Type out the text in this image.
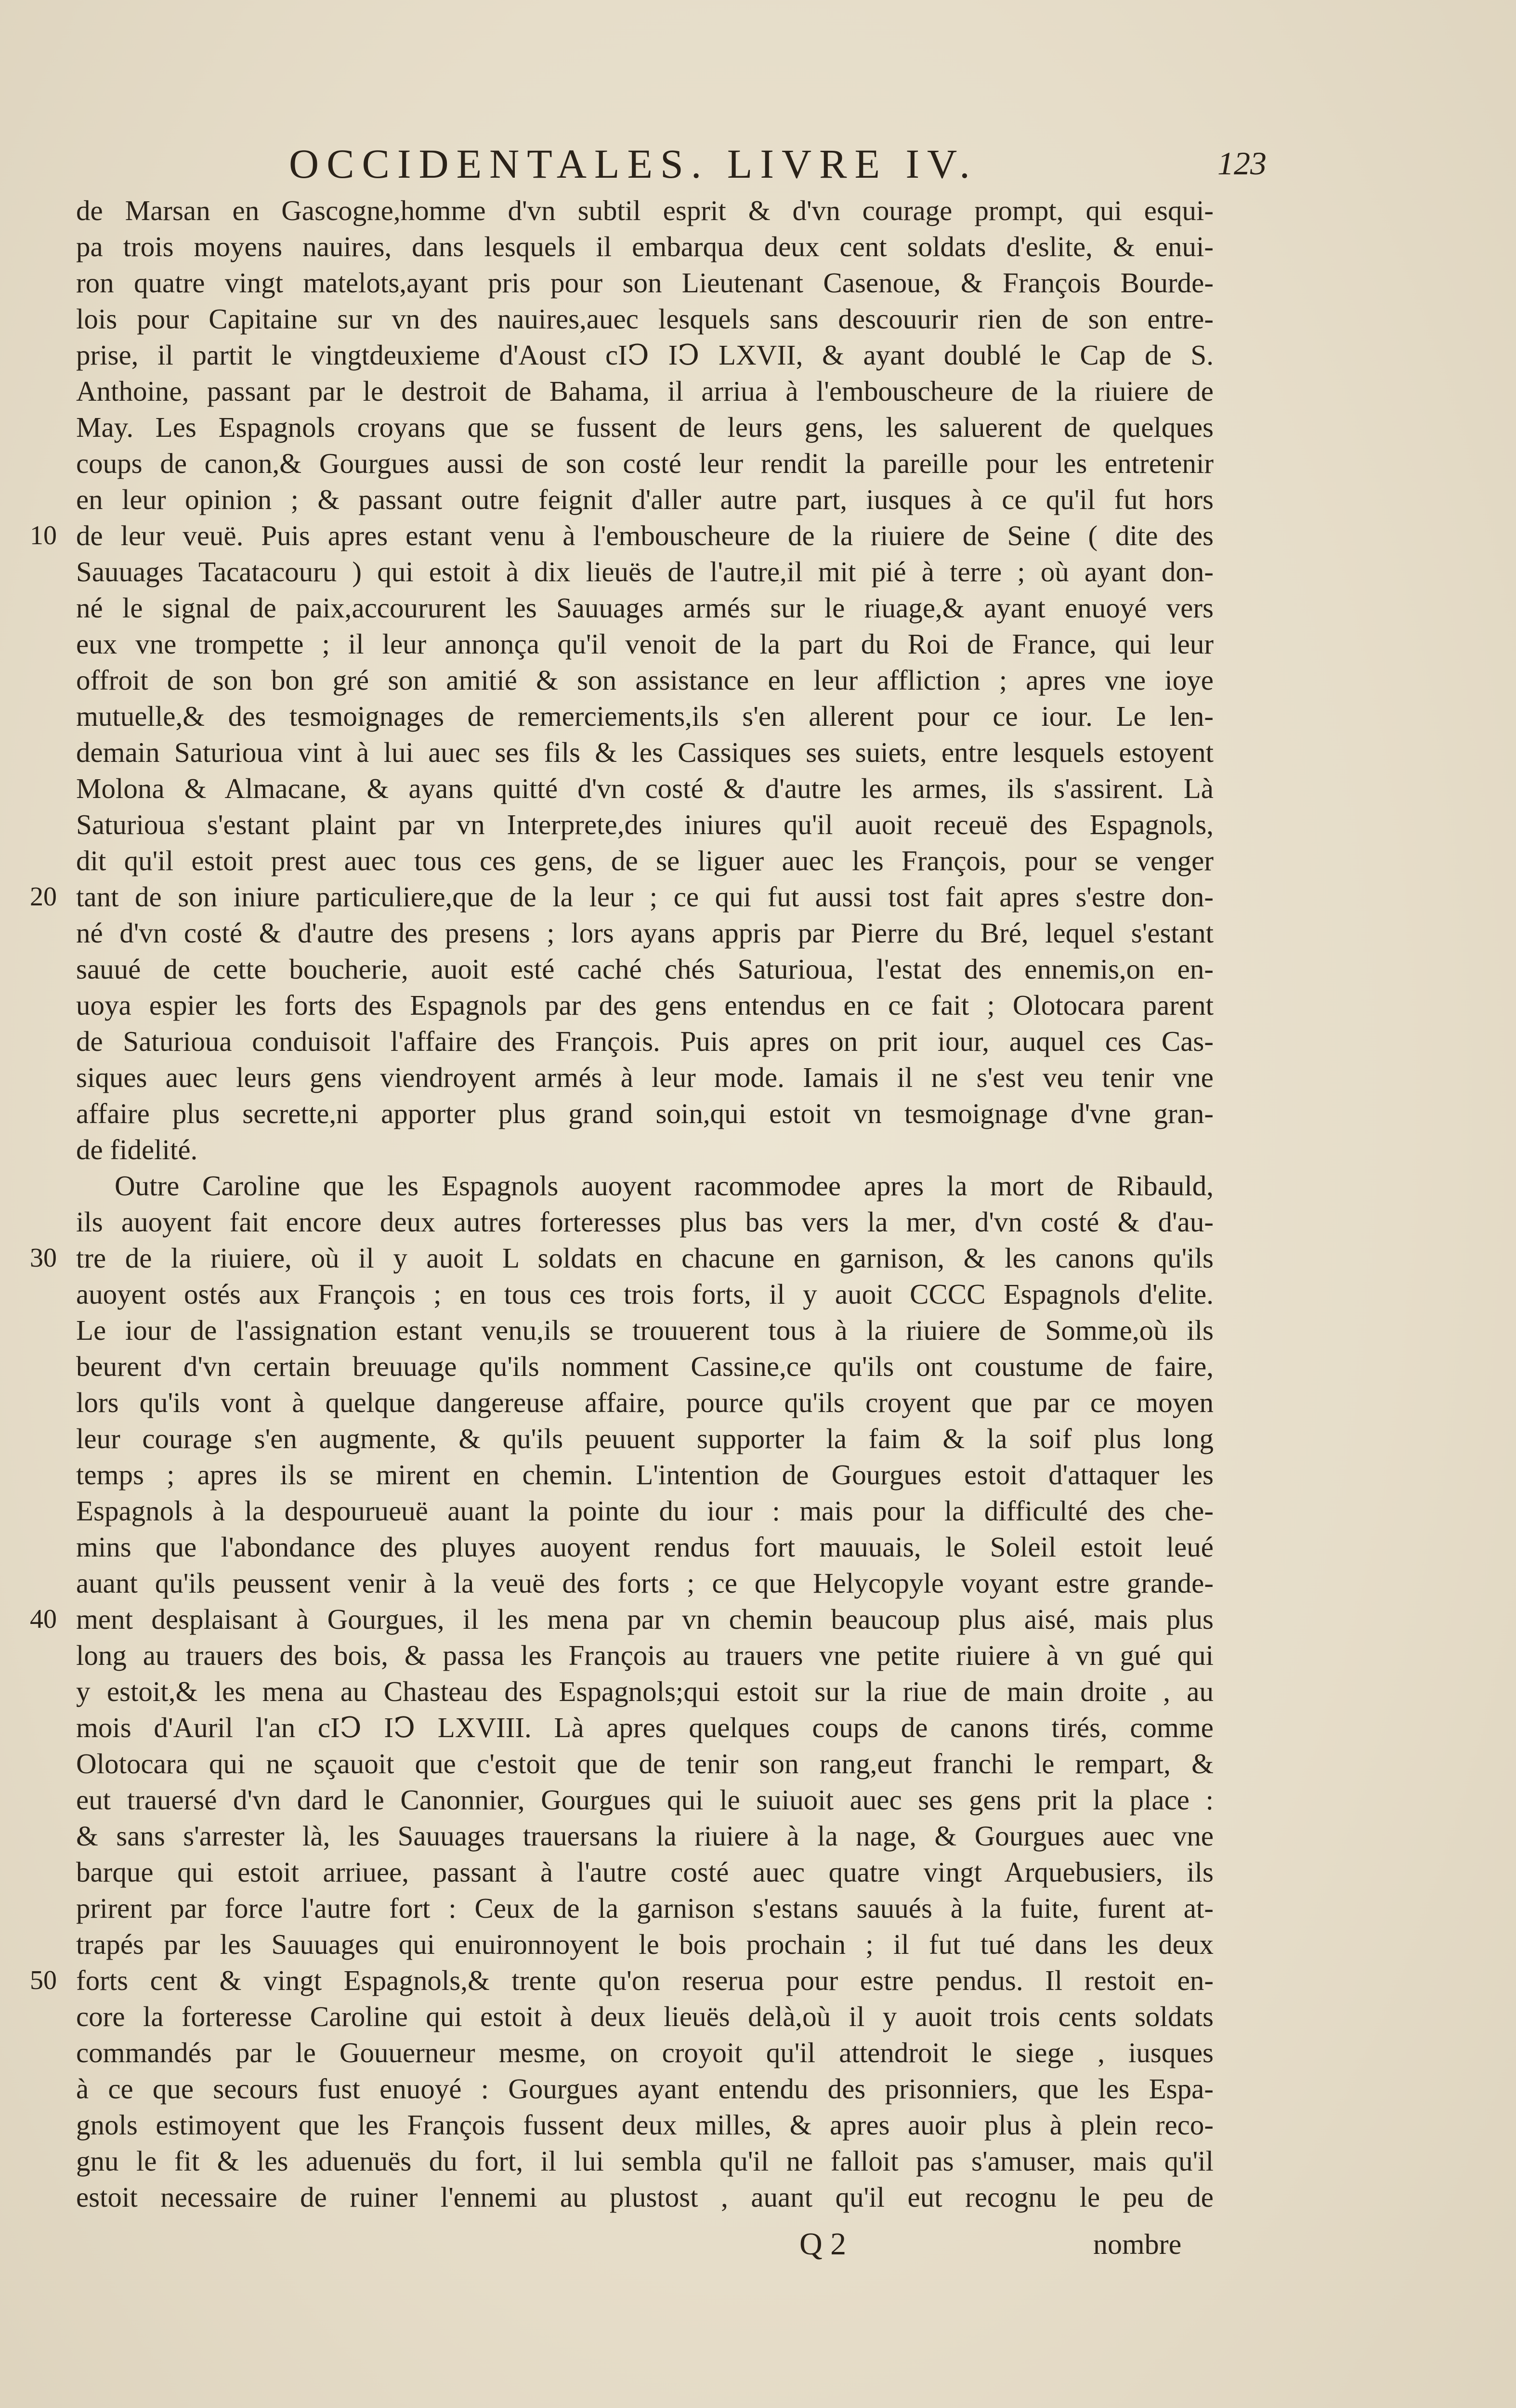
OCCIDENTALES. LIVRE IV.	123
de Marsan en Gascogne,homme d'vn subtil esprit & d'vn courage prompt, qui esqui-
pa trois moyens nauires, dans lesquels il embarqua deux cent soldats d'eslite, & enui-
ron quatre vingt matelots,ayant pris pour son Lieutenant Casenoue, & François Bourde-
lois pour Capitaine sur vn des nauires,auec lesquels sans descouurir rien de son entre-
prise, il partit le vingtdeuxieme d'Aoust cIↃ IↃ LXVII, & ayant doublé le Cap de S.
Anthoine, passant par le destroit de Bahama, il arriua à l'embouscheure de la riuiere de
May. Les Espagnols croyans que se fussent de leurs gens, les saluerent de quelques
coups de canon,& Gourgues aussi de son costé leur rendit la pareille pour les entretenir
en leur opinion ; & passant outre feignit d'aller autre part, iusques à ce qu'il fut hors
de leur veuë. Puis apres estant venu à l'embouscheure de la riuiere de Seine ( dite des
Sauuages Tacatacouru ) qui estoit à dix lieuës de l'autre,il mit pié à terre ; où ayant don-
né le signal de paix,accoururent les Sauuages armés sur le riuage,& ayant enuoyé vers
eux vne trompette ; il leur annonça qu'il venoit de la part du Roi de France, qui leur
offroit de son bon gré son amitié & son assistance en leur affliction ; apres vne ioye
mutuelle,& des tesmoignages de remerciements,ils s'en allerent pour ce iour. Le len-
demain Saturioua vint à lui auec ses fils & les Cassiques ses suiets, entre lesquels estoyent
Molona & Almacane, & ayans quitté d'vn costé & d'autre les armes, ils s'assirent. Là
Saturioua s'estant plaint par vn Interprete,des iniures qu'il auoit receuë des Espagnols,
dit qu'il estoit prest auec tous ces gens, de se liguer auec les François, pour se venger
tant de son iniure particuliere,que de la leur ; ce qui fut aussi tost fait apres s'estre don-
né d'vn costé & d'autre des presens ; lors ayans appris par Pierre du Bré, lequel s'estant
sauué de cette boucherie, auoit esté caché chés Saturioua, l'estat des ennemis,on en-
uoya espier les forts des Espagnols par des gens entendus en ce fait ; Olotocara parent
de Saturioua conduisoit l'affaire des François. Puis apres on prit iour, auquel ces Cas-
siques auec leurs gens viendroyent armés à leur mode. Iamais il ne s'est veu tenir vne
affaire plus secrette,ni apporter plus grand soin,qui estoit vn tesmoignage d'vne gran-
de fidelité.
Outre Caroline que les Espagnols auoyent racommodee apres la mort de Ribauld,
ils auoyent fait encore deux autres forteresses plus bas vers la mer, d'vn costé & d'au-
tre de la riuiere, où il y auoit L soldats en chacune en garnison, & les canons qu'ils
auoyent ostés aux François ; en tous ces trois forts, il y auoit CCCC Espagnols d'elite.
Le iour de l'assignation estant venu,ils se trouuerent tous à la riuiere de Somme,où ils
beurent d'vn certain breuuage qu'ils nomment Cassine,ce qu'ils ont coustume de faire,
lors qu'ils vont à quelque dangereuse affaire, pource qu'ils croyent que par ce moyen
leur courage s'en augmente, & qu'ils peuuent supporter la faim & la soif plus long
temps ; apres ils se mirent en chemin. L'intention de Gourgues estoit d'attaquer les
Espagnols à la despourueuë auant la pointe du iour : mais pour la difficulté des che-
mins que l'abondance des pluyes auoyent rendus fort mauuais, le Soleil estoit leué
auant qu'ils peussent venir à la veuë des forts ; ce que Helycopyle voyant estre grande-
ment desplaisant à Gourgues, il les mena par vn chemin beaucoup plus aisé, mais plus
long au trauers des bois, & passa les François au trauers vne petite riuiere à vn gué qui
y estoit,& les mena au Chasteau des Espagnols;qui estoit sur la riue de main droite , au
mois d'Auril l'an cIↃ IↃ LXVIII. Là apres quelques coups de canons tirés, comme
Olotocara qui ne sçauoit que c'estoit que de tenir son rang,eut franchi le rempart, &
eut trauersé d'vn dard le Canonnier, Gourgues qui le suiuoit auec ses gens prit la place :
& sans s'arrester là, les Sauuages trauersans la riuiere à la nage, & Gourgues auec vne
barque qui estoit arriuee, passant à l'autre costé auec quatre vingt Arquebusiers, ils
prirent par force l'autre fort : Ceux de la garnison s'estans sauués à la fuite, furent at-
trapés par les Sauuages qui enuironnoyent le bois prochain ; il fut tué dans les deux
forts cent & vingt Espagnols,& trente qu'on reserua pour estre pendus. Il restoit en-
core la forteresse Caroline qui estoit à deux lieuës delà,où il y auoit trois cents soldats
commandés par le Gouuerneur mesme, on croyoit qu'il attendroit le siege , iusques
à ce que secours fust enuoyé : Gourgues ayant entendu des prisonniers, que les Espa-
gnols estimoyent que les François fussent deux milles, & apres auoir plus à plein reco-
gnu le fit & les aduenuës du fort, il lui sembla qu'il ne falloit pas s'amuser, mais qu'il
estoit necessaire de ruiner l'ennemi au plustost , auant qu'il eut recognu le peu de
10
20
30
40
50
Q 2	nombre
